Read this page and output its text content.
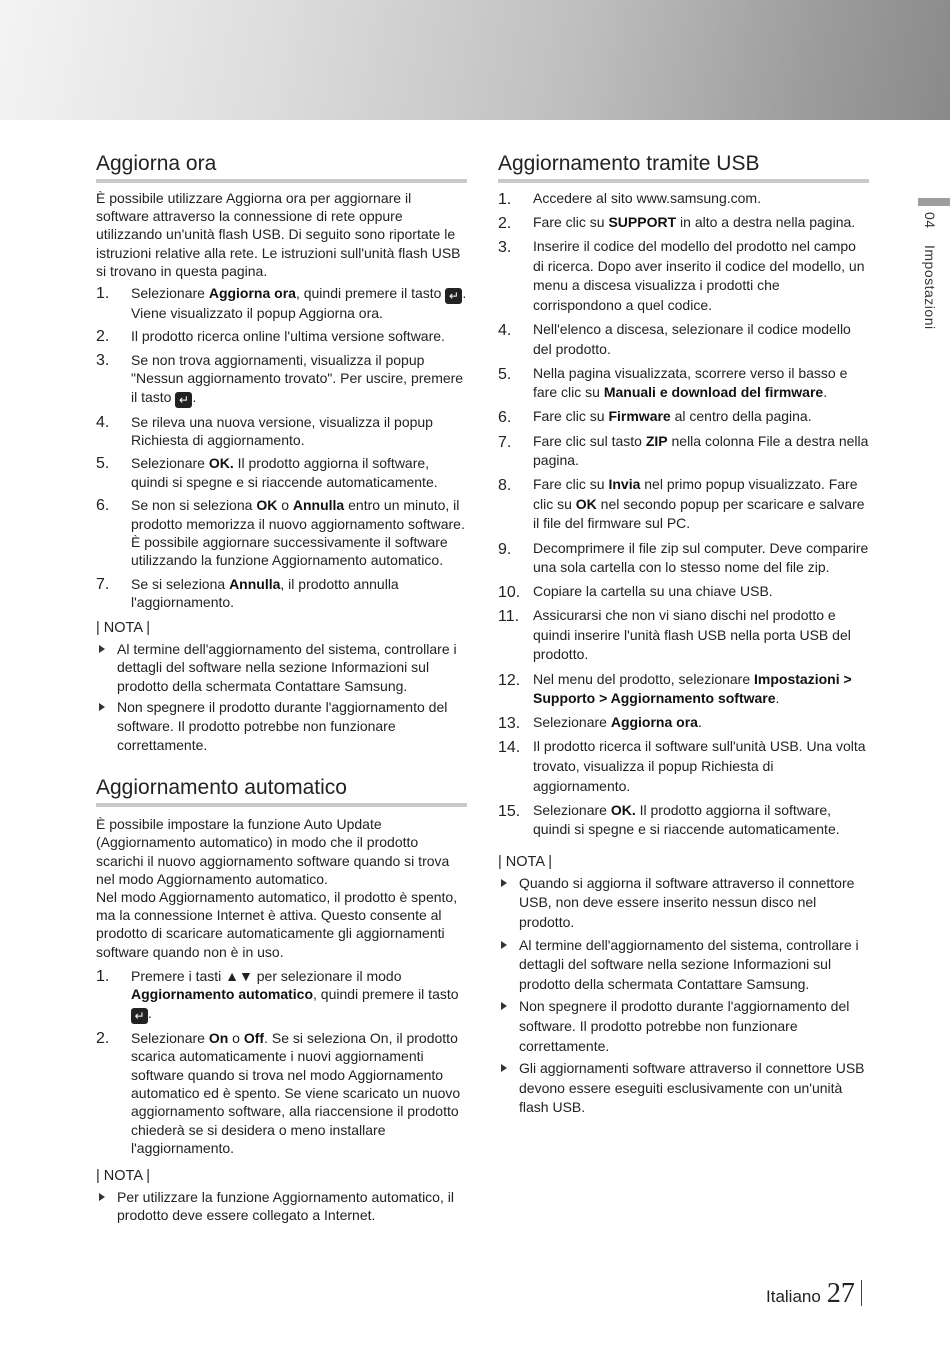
04 Impostazioni
Aggiorna ora

È possibile utilizzare Aggiorna ora per aggiornare il software attraverso la connessione di rete oppure utilizzando un'unità flash USB. Di seguito sono riportate le istruzioni relative alla rete. Le istruzioni sull'unità flash USB si trovano in questa pagina.

1. Selezionare Aggiorna ora, quindi premere il tasto ↵ . Viene visualizzato il popup Aggiorna ora.
2. Il prodotto ricerca online l'ultima versione software.
3. Se non trova aggiornamenti, visualizza il popup "Nessun aggiornamento trovato". Per uscire, premere il tasto ↵ .
4. Se rileva una nuova versione, visualizza il popup Richiesta di aggiornamento.
5. Selezionare OK. Il prodotto aggiorna il software, quindi si spegne e si riaccende automaticamente.
6. Se non si seleziona OK o Annulla entro un minuto, il prodotto memorizza il nuovo aggiornamento software. È possibile aggiornare successivamente il software utilizzando la funzione Aggiornamento automatico.
7. Se si seleziona Annulla, il prodotto annulla l'aggiornamento.
| NOTA |
Al termine dell'aggiornamento del sistema, controllare i dettagli del software nella sezione Informazioni sul prodotto della schermata Contattare Samsung.
Non spegnere il prodotto durante l'aggiornamento del software. Il prodotto potrebbe non funzionare correttamente.
Aggiornamento automatico

È possibile impostare la funzione Auto Update (Aggiornamento automatico) in modo che il prodotto scarichi il nuovo aggiornamento software quando si trova nel modo Aggiornamento automatico.

Nel modo Aggiornamento automatico, il prodotto è spento, ma la connessione Internet è attiva. Questo consente al prodotto di scaricare automaticamente gli aggiornamenti software quando non è in uso.

1. Premere i tasti ▲▼ per selezionare il modo Aggiornamento automatico, quindi premere il tasto ↵ .
2. Selezionare On o Off. Se si seleziona On, il prodotto scarica automaticamente i nuovi aggiornamenti software quando si trova nel modo Aggiornamento automatico ed è spento. Se viene scaricato un nuovo aggiornamento software, alla riaccensione il prodotto chiederà se si desidera o meno installare l'aggiornamento.
| NOTA |
Per utilizzare la funzione Aggiornamento automatico, il prodotto deve essere collegato a Internet.
Aggiornamento tramite USB
1. Accedere al sito www.samsung.com.
2. Fare clic su SUPPORT in alto a destra nella pagina.
3. Inserire il codice del modello del prodotto nel campo di ricerca. Dopo aver inserito il codice del modello, un menu a discesa visualizza i prodotti che corrispondono a quel codice.
4. Nell'elenco a discesa, selezionare il codice modello del prodotto.
5. Nella pagina visualizzata, scorrere verso il basso e fare clic su Manuali e download del firmware.
6. Fare clic su Firmware al centro della pagina.
7. Fare clic sul tasto ZIP nella colonna File a destra nella pagina.
8. Fare clic su Invia nel primo popup visualizzato. Fare clic su OK nel secondo popup per scaricare e salvare il file del firmware sul PC.
9. Decomprimere il file zip sul computer. Deve comparire una sola cartella con lo stesso nome del file zip.
10. Copiare la cartella su una chiave USB.
11. Assicurarsi che non vi siano dischi nel prodotto e quindi inserire l'unità flash USB nella porta USB del prodotto.
12. Nel menu del prodotto, selezionare Impostazioni > Supporto > Aggiornamento software.
13. Selezionare Aggiorna ora.
14. Il prodotto ricerca il software sull'unità USB. Una volta trovato, visualizza il popup Richiesta di aggiornamento.
15. Selezionare OK. Il prodotto aggiorna il software, quindi si spegne e si riaccende automaticamente.
| NOTA |
Quando si aggiorna il software attraverso il connettore USB, non deve essere inserito nessun disco nel prodotto.
Al termine dell'aggiornamento del sistema, controllare i dettagli del software nella sezione Informazioni sul prodotto della schermata Contattare Samsung.
Non spegnere il prodotto durante l'aggiornamento del software. Il prodotto potrebbe non funzionare correttamente.
Gli aggiornamenti software attraverso il connettore USB devono essere eseguiti esclusivamente con un'unità flash USB.
Italiano 27
